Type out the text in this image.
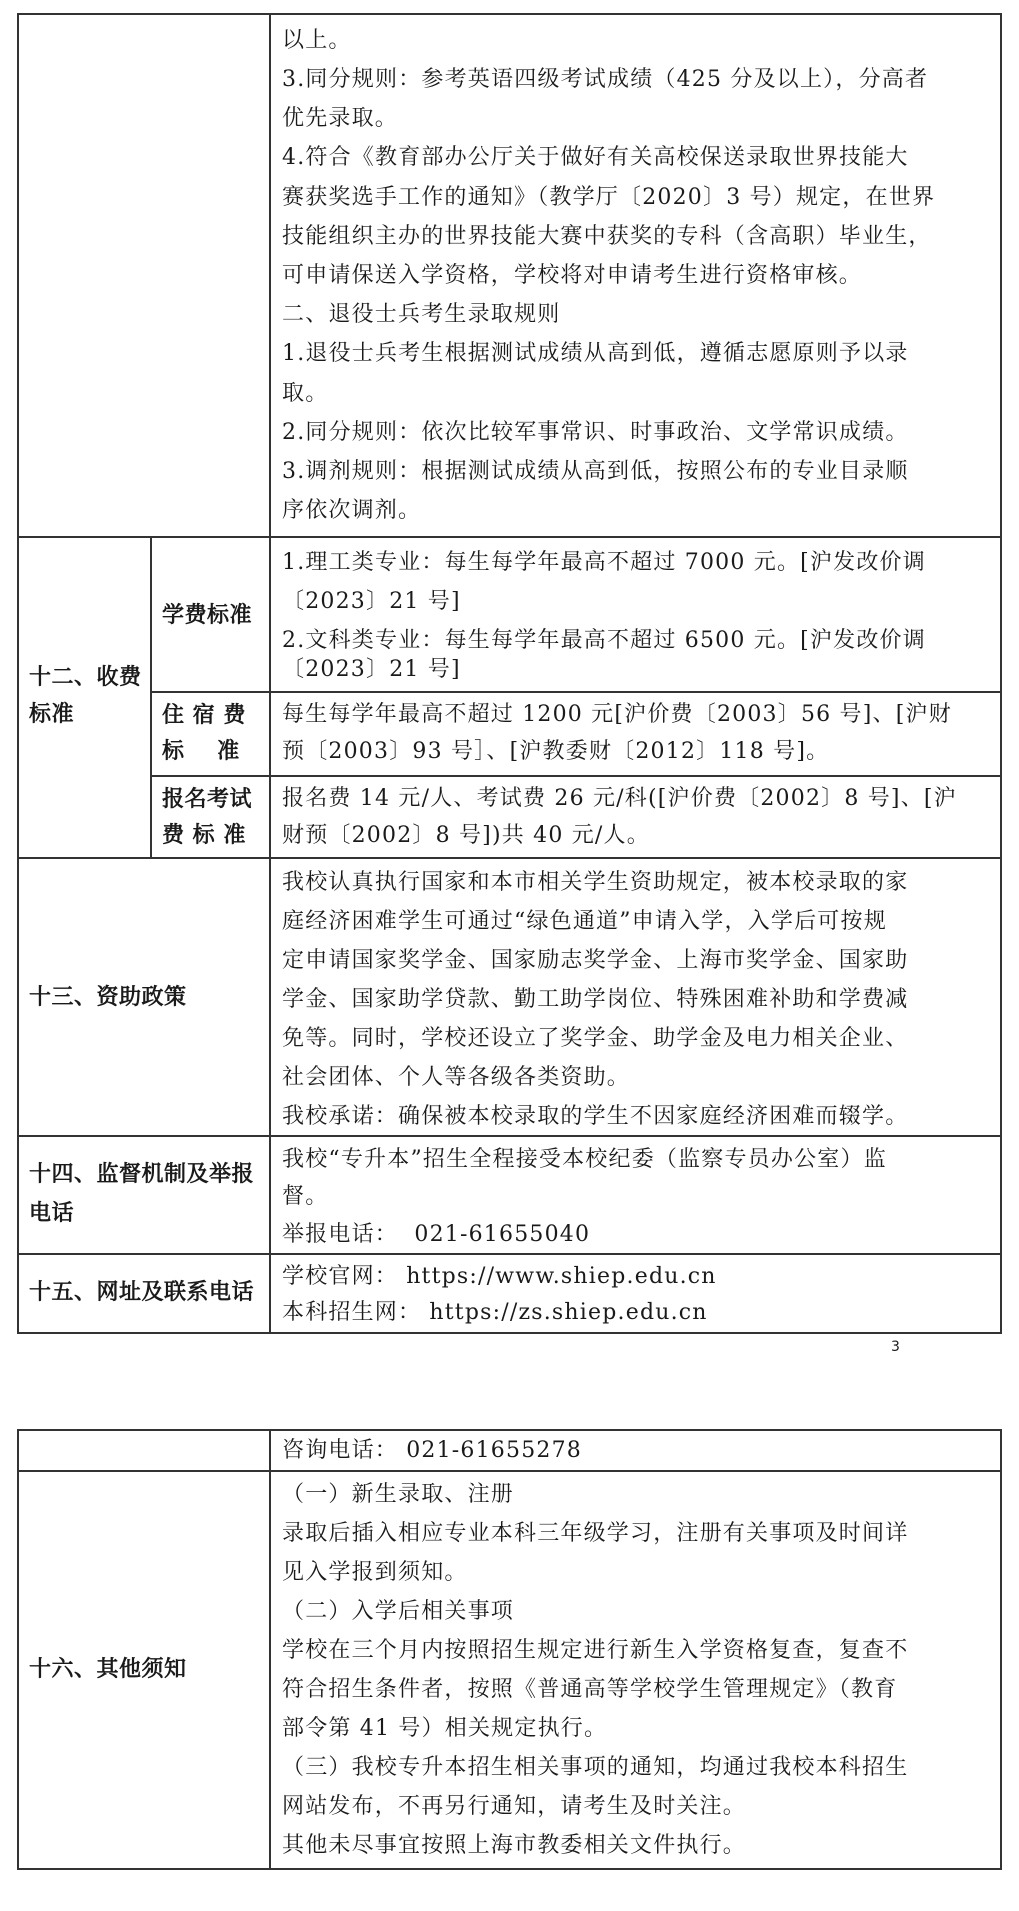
以上。
3.同分规则：参考英语四级考试成绩（425 分及以上），分高者
优先录取。
4.符合《教育部办公厅关于做好有关高校保送录取世界技能大
赛获奖选手工作的通知》（教学厅〔2020〕3 号）规定，在世界
技能组织主办的世界技能大赛中获奖的专科（含高职）毕业生，
可申请保送入学资格，学校将对申请考生进行资格审核。
二、退役士兵考生录取规则
1.退役士兵考生根据测试成绩从高到低，遵循志愿原则予以录
取。
2.同分规则：依次比较军事常识、时事政治、文学常识成绩。
3.调剂规则：根据测试成绩从高到低，按照公布的专业目录顺
序依次调剂。
十二、收费
标准
学费标准
1.理工类专业：每生每学年最高不超过 7000 元。[沪发改价调
〔2023〕21 号]
2.文科类专业：每生每学年最高不超过 6500 元。[沪发改价调
〔2023〕21 号]
住 宿 费
标    准
每生每学年最高不超过 1200 元[沪价费〔2003〕56 号]、[沪财
预〔2003〕93 号］、[沪教委财〔2012〕118 号]。
报名考试
费 标 准
报名费 14 元/人、考试费 26 元/科([沪价费〔2002〕8 号]、[沪
财预〔2002〕8 号])共 40 元/人。
十三、资助政策
我校认真执行国家和本市相关学生资助规定，被本校录取的家
庭经济困难学生可通过“绿色通道”申请入学，入学后可按规
定申请国家奖学金、国家励志奖学金、上海市奖学金、国家助
学金、国家助学贷款、勤工助学岗位、特殊困难补助和学费减
免等。同时，学校还设立了奖学金、助学金及电力相关企业、
社会团体、个人等各级各类资助。
我校承诺：确保被本校录取的学生不因家庭经济困难而辍学。
十四、监督机制及举报
电话
我校“专升本”招生全程接受本校纪委（监察专员办公室）监
督。
举报电话：  021-61655040
十五、网址及联系电话
学校官网： https://www.shiep.edu.cn
本科招生网： https://zs.shiep.edu.cn
3
咨询电话： 021-61655278
十六、其他须知
（一）新生录取、注册
录取后插入相应专业本科三年级学习，注册有关事项及时间详
见入学报到须知。
（二）入学后相关事项
学校在三个月内按照招生规定进行新生入学资格复查，复查不
符合招生条件者，按照《普通高等学校学生管理规定》（教育
部令第 41 号）相关规定执行。
（三）我校专升本招生相关事项的通知，均通过我校本科招生
网站发布，不再另行通知，请考生及时关注。
其他未尽事宜按照上海市教委相关文件执行。
